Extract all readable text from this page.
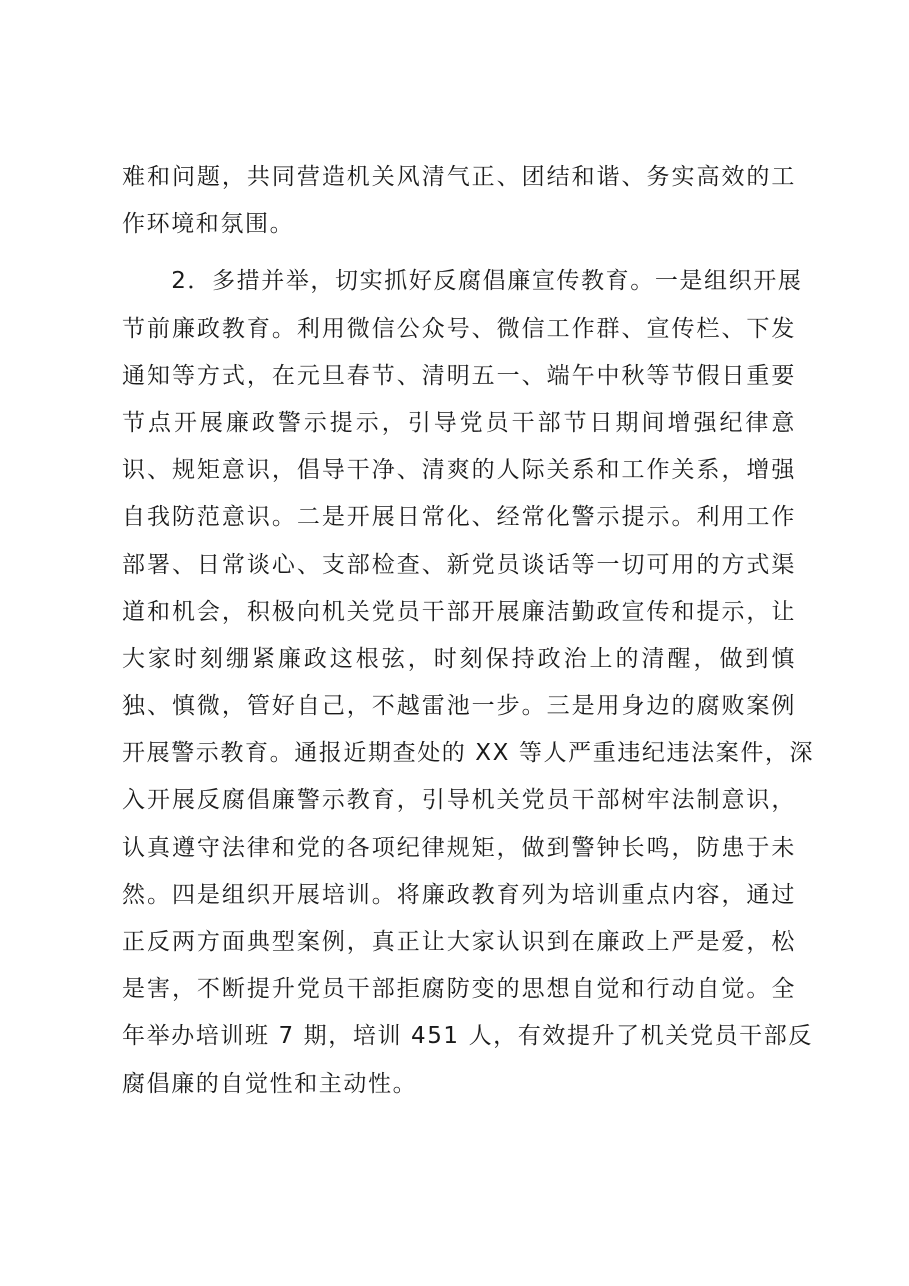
难和问题，共同营造机关风清气正、团结和谐、务实高效的工
作环境和氛围。
　　2．多措并举，切实抓好反腐倡廉宣传教育。一是组织开展
节前廉政教育。利用微信公众号、微信工作群、宣传栏、下发
通知等方式，在元旦春节、清明五一、端午中秋等节假日重要
节点开展廉政警示提示，引导党员干部节日期间增强纪律意
识、规矩意识，倡导干净、清爽的人际关系和工作关系，增强
自我防范意识。二是开展日常化、经常化警示提示。利用工作
部署、日常谈心、支部检查、新党员谈话等一切可用的方式渠
道和机会，积极向机关党员干部开展廉洁勤政宣传和提示，让
大家时刻绷紧廉政这根弦，时刻保持政治上的清醒，做到慎
独、慎微，管好自己，不越雷池一步。三是用身边的腐败案例
开展警示教育。通报近期查处的 XX 等人严重违纪违法案件，深
入开展反腐倡廉警示教育，引导机关党员干部树牢法制意识，
认真遵守法律和党的各项纪律规矩，做到警钟长鸣，防患于未
然。四是组织开展培训。将廉政教育列为培训重点内容，通过
正反两方面典型案例，真正让大家认识到在廉政上严是爱，松
是害，不断提升党员干部拒腐防变的思想自觉和行动自觉。全
年举办培训班 7 期，培训 451 人，有效提升了机关党员干部反
腐倡廉的自觉性和主动性。
